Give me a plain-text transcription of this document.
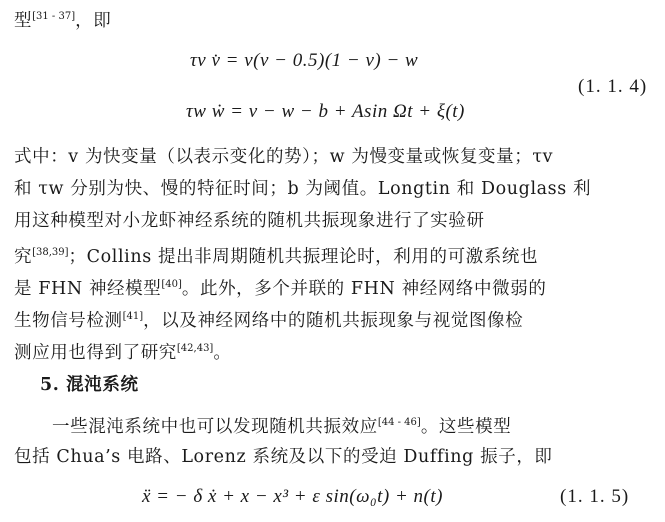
型[31 - 37]，即
τv v̇ = v(v − 0.5)(1 − v) − w
(1. 1. 4)
τw ẇ = v − w − b + Asin Ωt + ξ(t)
式中：v 为快变量（以表示变化的势）；w 为慢变量或恢复变量；τv
和 τw 分别为快、慢的特征时间；b 为阈值。Longtin 和 Douglass 利
用这种模型对小龙虾神经系统的随机共振现象进行了实验研
究[38,39]；Collins 提出非周期随机共振理论时，利用的可激系统也
是 FHN 神经模型[40]。此外，多个并联的 FHN 神经网络中微弱的
生物信号检测[41]，以及神经网络中的随机共振现象与视觉图像检
测应用也得到了研究[42,43]。
5. 混沌系统
一些混沌系统中也可以发现随机共振效应[44 - 46]。这些模型
包括 Chua’s 电路、Lorenz 系统及以下的受迫 Duffing 振子，即
ẍ = − δ ẋ + x − x³ + ε sin(ω₀t) + n(t)	(1. 1. 5)
